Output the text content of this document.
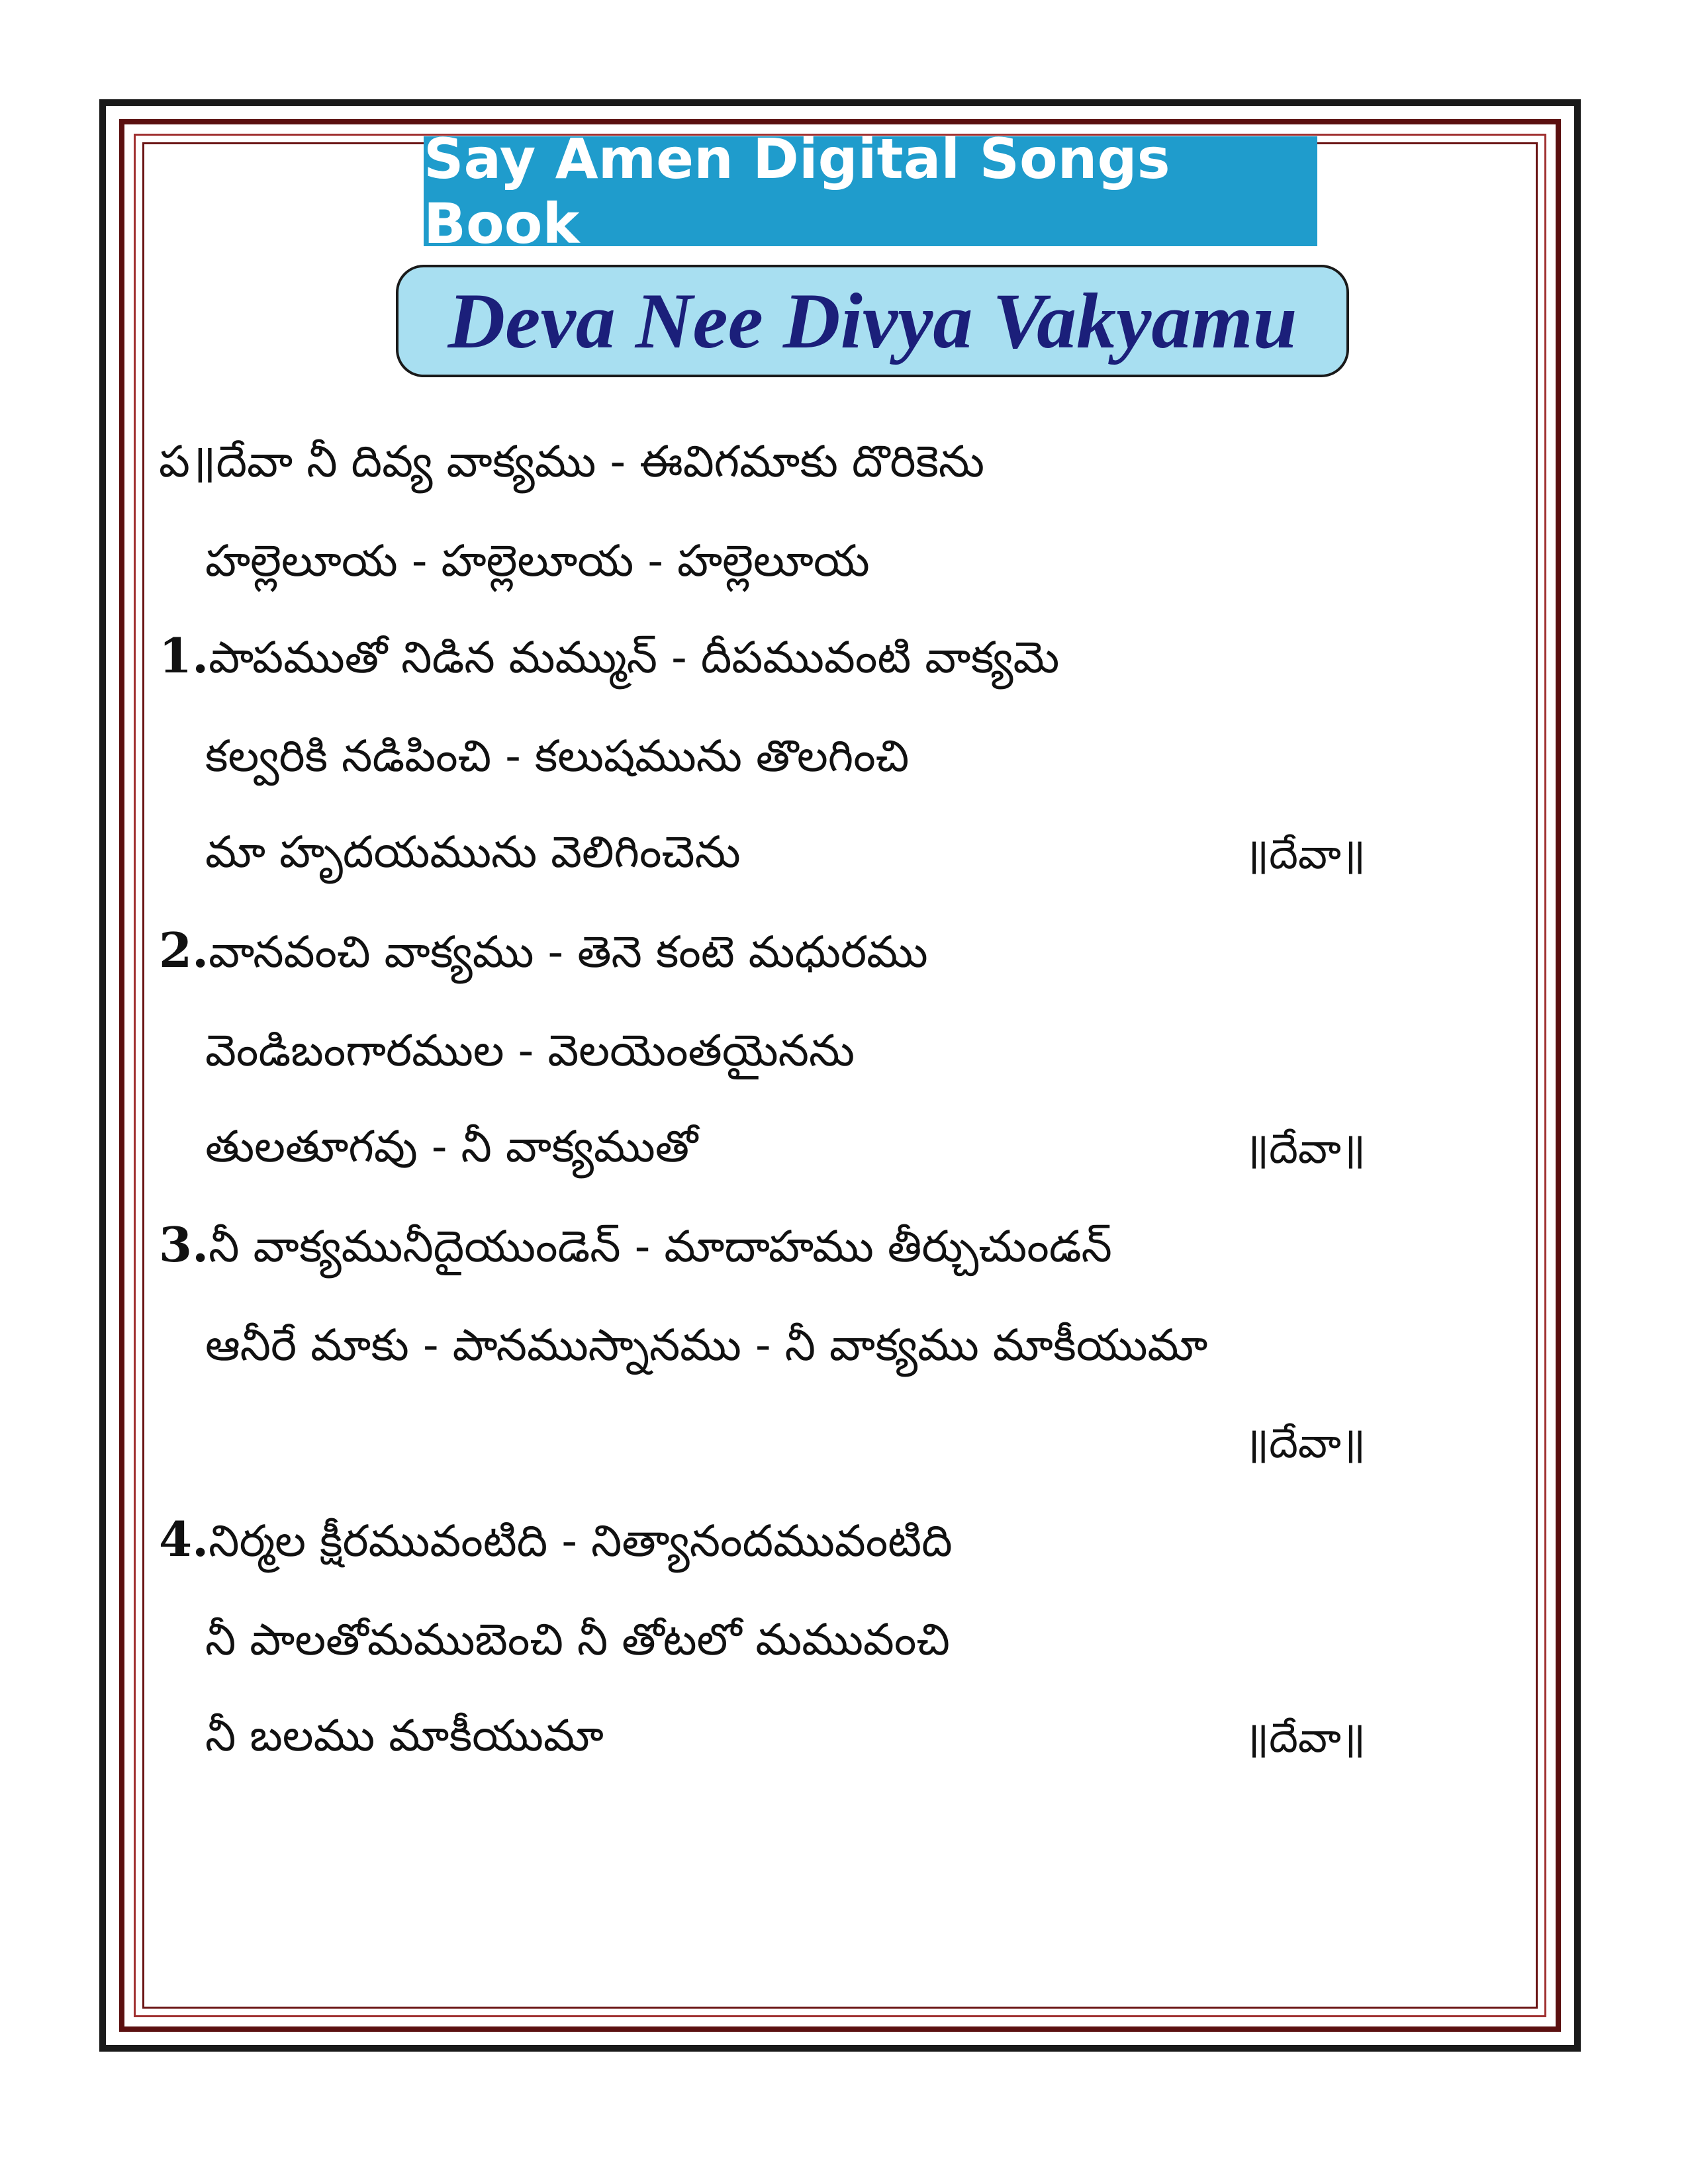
Say Amen Digital Songs Book
Deva Nee Divya Vakyamu
ప॥దేవా నీ దివ్య వాక్యము - ఈవిగమాకు దొరికెను
హల్లెలూయ - హల్లెలూయ - హల్లెలూయ
1.పాపముతో నిడిన మమ్మున్ - దీపమువంటి వాక్యమె
కల్వరికి నడిపించి - కలుషమును తొలగించి
మా హృదయమును వెలిగించెను	॥దేవా॥
2.వానవంచి వాక్యము - తెనె కంటె మధురము
వెండిబంగారముల - వెలయెంతయైనను
తులతూగవు - నీ వాక్యముతో	॥దేవా॥
3.నీ వాక్యమునీదైయుండెన్ - మాదాహము తీర్చుచుండన్
ఆనీరే మాకు - పానముస్నానము - నీ వాక్యము మాకీయుమా
॥దేవా॥
4.నిర్మల క్షీరమువంటిది - నిత్యానందమువంటిది
నీ పాలతోమముబెంచి నీ తోటలో మమువంచి
నీ బలము మాకీయుమా	॥దేవా॥
